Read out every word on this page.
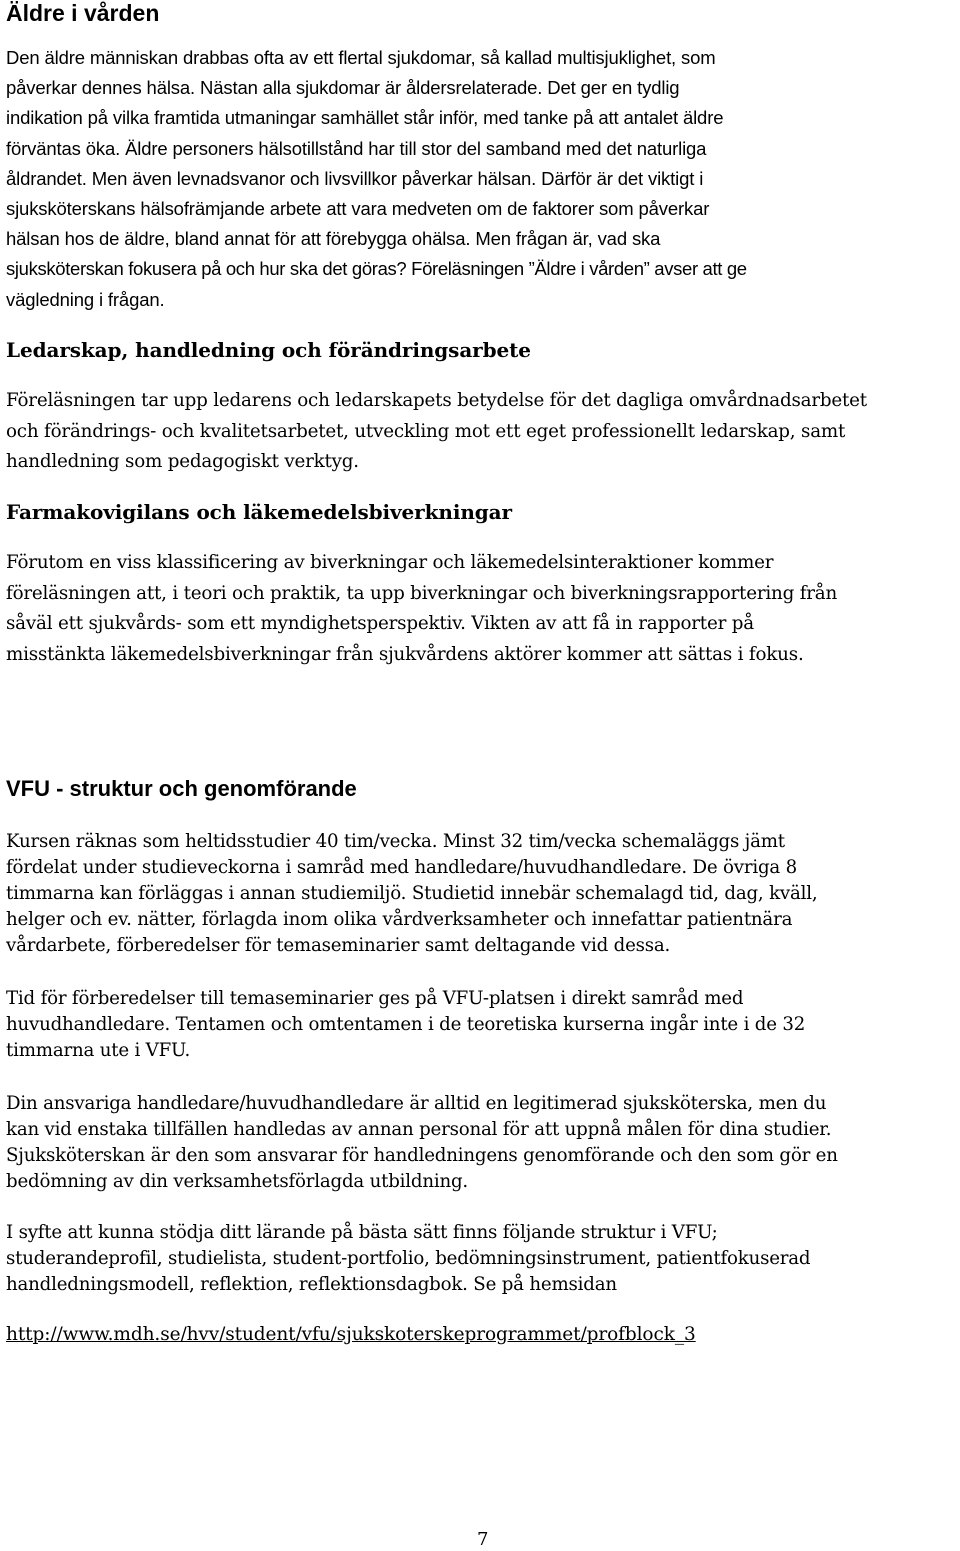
Äldre i vården

Den äldre människan drabbas ofta av ett flertal sjukdomar, så kallad multisjuklighet, som
påverkar dennes hälsa. Nästan alla sjukdomar är åldersrelaterade. Det ger en tydlig
indikation på vilka framtida utmaningar samhället står inför, med tanke på att antalet äldre
förväntas öka. Äldre personers hälsotillstånd har till stor del samband med det naturliga
åldrandet. Men även levnadsvanor och livsvillkor påverkar hälsan. Därför är det viktigt i
sjuksköterskans hälsofrämjande arbete att vara medveten om de faktorer som påverkar
hälsan hos de äldre, bland annat för att förebygga ohälsa. Men frågan är, vad ska
sjuksköterskan fokusera på och hur ska det göras? Föreläsningen ”Äldre i vården” avser att ge
vägledning i frågan.

Ledarskap, handledning och förändringsarbete

Föreläsningen tar upp ledarens och ledarskapets betydelse för det dagliga omvårdnadsarbetet
och förändrings- och kvalitetsarbetet, utveckling mot ett eget professionellt ledarskap, samt
handledning som pedagogiskt verktyg.

Farmakovigilans och läkemedelsbiverkningar

Förutom en viss klassificering av biverkningar och läkemedelsinteraktioner kommer
föreläsningen att, i teori och praktik, ta upp biverkningar och biverkningsrapportering från
såväl ett sjukvårds- som ett myndighetsperspektiv. Vikten av att få in rapporter på
misstänkta läkemedelsbiverkningar från sjukvårdens aktörer kommer att sättas i fokus.

VFU - struktur och genomförande

Kursen räknas som heltidsstudier 40 tim/vecka. Minst 32 tim/vecka schemaläggs jämt
fördelat under studieveckorna i samråd med handledare/huvudhandledare. De övriga 8
timmarna kan förläggas i annan studiemiljö. Studietid innebär schemalagd tid, dag, kväll,
helger och ev. nätter, förlagda inom olika vårdverksamheter och innefattar patientnära
vårdarbete, förberedelser för temaseminarier samt deltagande vid dessa.

Tid för förberedelser till temaseminarier ges på VFU-platsen i direkt samråd med
huvudhandledare. Tentamen och omtentamen i de teoretiska kurserna ingår inte i de 32
timmarna ute i VFU.

Din ansvariga handledare/huvudhandledare är alltid en legitimerad sjuksköterska, men du
kan vid enstaka tillfällen handledas av annan personal för att uppnå målen för dina studier.
Sjuksköterskan är den som ansvarar för handledningens genomförande och den som gör en
bedömning av din verksamhetsförlagda utbildning.

I syfte att kunna stödja ditt lärande på bästa sätt finns följande struktur i VFU;
studerandeprofil, studielista, student-portfolio, bedömningsinstrument, patientfokuserad
handledningsmodell, reflektion, reflektionsdagbok. Se på hemsidan

http://www.mdh.se/hvv/student/vfu/sjukskoterskeprogrammet/profblock_3
7
